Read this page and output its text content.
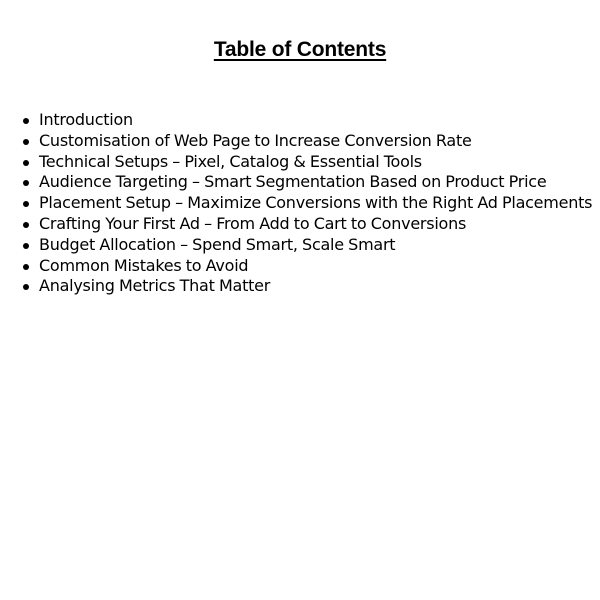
Table of Contents
Introduction
Customisation of Web Page to Increase Conversion Rate
Technical Setups – Pixel, Catalog & Essential Tools
Audience Targeting – Smart Segmentation Based on Product Price
Placement Setup – Maximize Conversions with the Right Ad Placements
Crafting Your First Ad – From Add to Cart to Conversions
Budget Allocation – Spend Smart, Scale Smart
Common Mistakes to Avoid
Analysing Metrics That Matter
